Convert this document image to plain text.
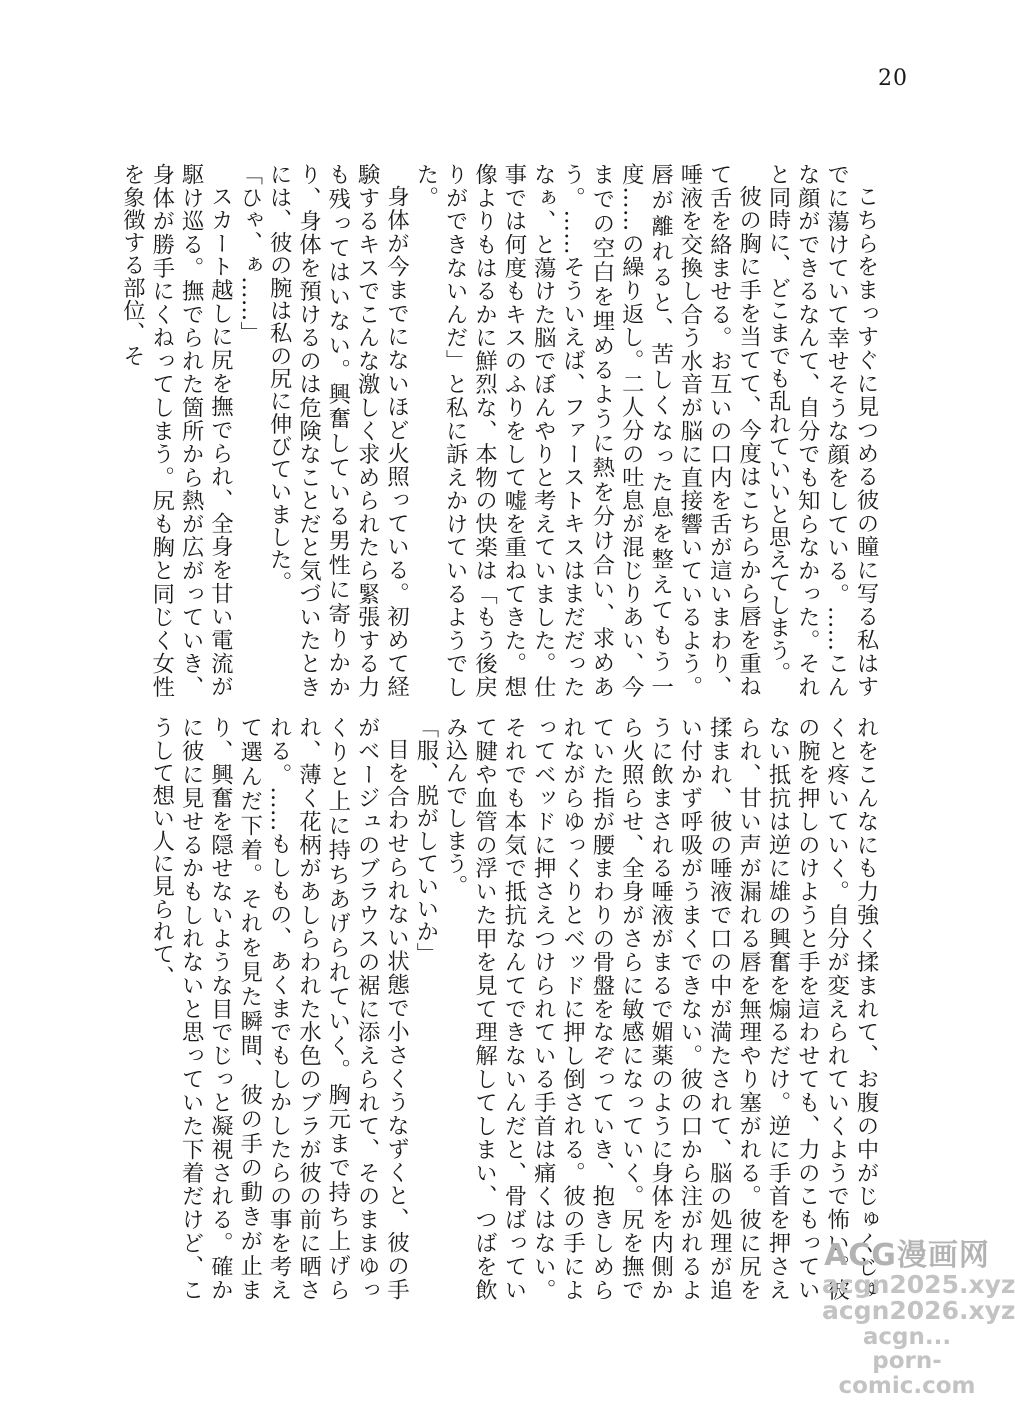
20

こちらをまっすぐに見つめる彼の瞳に写る私はすでに蕩けていて幸せそうな顔をしている。……こんな顔ができるなんて、自分でも知らなかった。それと同時に、どこまでも乱れていいと思えてしまう。

彼の胸に手を当てて、今度はこちらから唇を重ねて舌を絡ませる。お互いの口内を舌が這いまわり、唾液を交換し合う水音が脳に直接響いているよう。唇が離れると、苦しくなった息を整えてもう一度……の繰り返し。二人分の吐息が混じりあい、今までの空白を埋めるように熱を分け合い、求めあう。……そういえば、ファーストキスはまだだったなぁ、と蕩けた脳でぼんやりと考えていました。仕事では何度もキスのふりをして嘘を重ねてきた。想像よりもはるかに鮮烈な、本物の快楽は「もう後戻りができないんだ」と私に訴えかけているようでした。

身体が今までにないほど火照っている。初めて経験するキスでこんな激しく求められたら緊張する力も残ってはいない。興奮している男性に寄りかかり、身体を預けるのは危険なことだと気づいたときには、彼の腕は私の尻に伸びていました。

「ひゃ、ぁ……」

スカート越しに尻を撫でられ、全身を甘い電流が駆け巡る。撫でられた箇所から熱が広がっていき、身体が勝手にくねってしまう。尻も胸と同じく女性を象徴する部位、そ

れをこんなにも力強く揉まれて、お腹の中がじゅくじゅくと疼いていく。自分が変えられていくようで怖い。彼の腕を押しのけようと手を這わせても、力のこもっていない抵抗は逆に雄の興奮を煽るだけ。逆に手首を押さえられ、甘い声が漏れる唇を無理やり塞がれる。彼に尻を揉まれ、彼の唾液で口の中が満たされて、脳の処理が追い付かず呼吸がうまくできない。彼の口から注がれるように飲まされる唾液がまるで媚薬のように身体を内側から火照らせ、全身がさらに敏感になっていく。尻を撫でていた指が腰まわりの骨盤をなぞっていき、抱きしめられながらゆっくりとベッドに押し倒される。彼の手によってベッドに押さえつけられている手首は痛くはない。それでも本気で抵抗なんてできないんだと、骨ばっていて腱や血管の浮いた甲を見て理解してしまい、つばを飲み込んでしまう。

「服、脱がしていいか」

目を合わせられない状態で小さくうなずくと、彼の手がベージュのブラウスの裾に添えられて、そのままゆっくりと上に持ちあげられていく。胸元まで持ち上げられ、薄く花柄があしらわれた水色のブラが彼の前に晒される。……もしもの、あくまでもしかしたらの事を考えて選んだ下着。それを見た瞬間、彼の手の動きが止まり、興奮を隠せないような目でじっと凝視される。確かに彼に見せるかもしれないと思っていた下着だけど、こうして想い人に見られて、

ACG漫画网
acgn2025.xyz
acgn2026.xyz
acgn...
porn-comic.com
